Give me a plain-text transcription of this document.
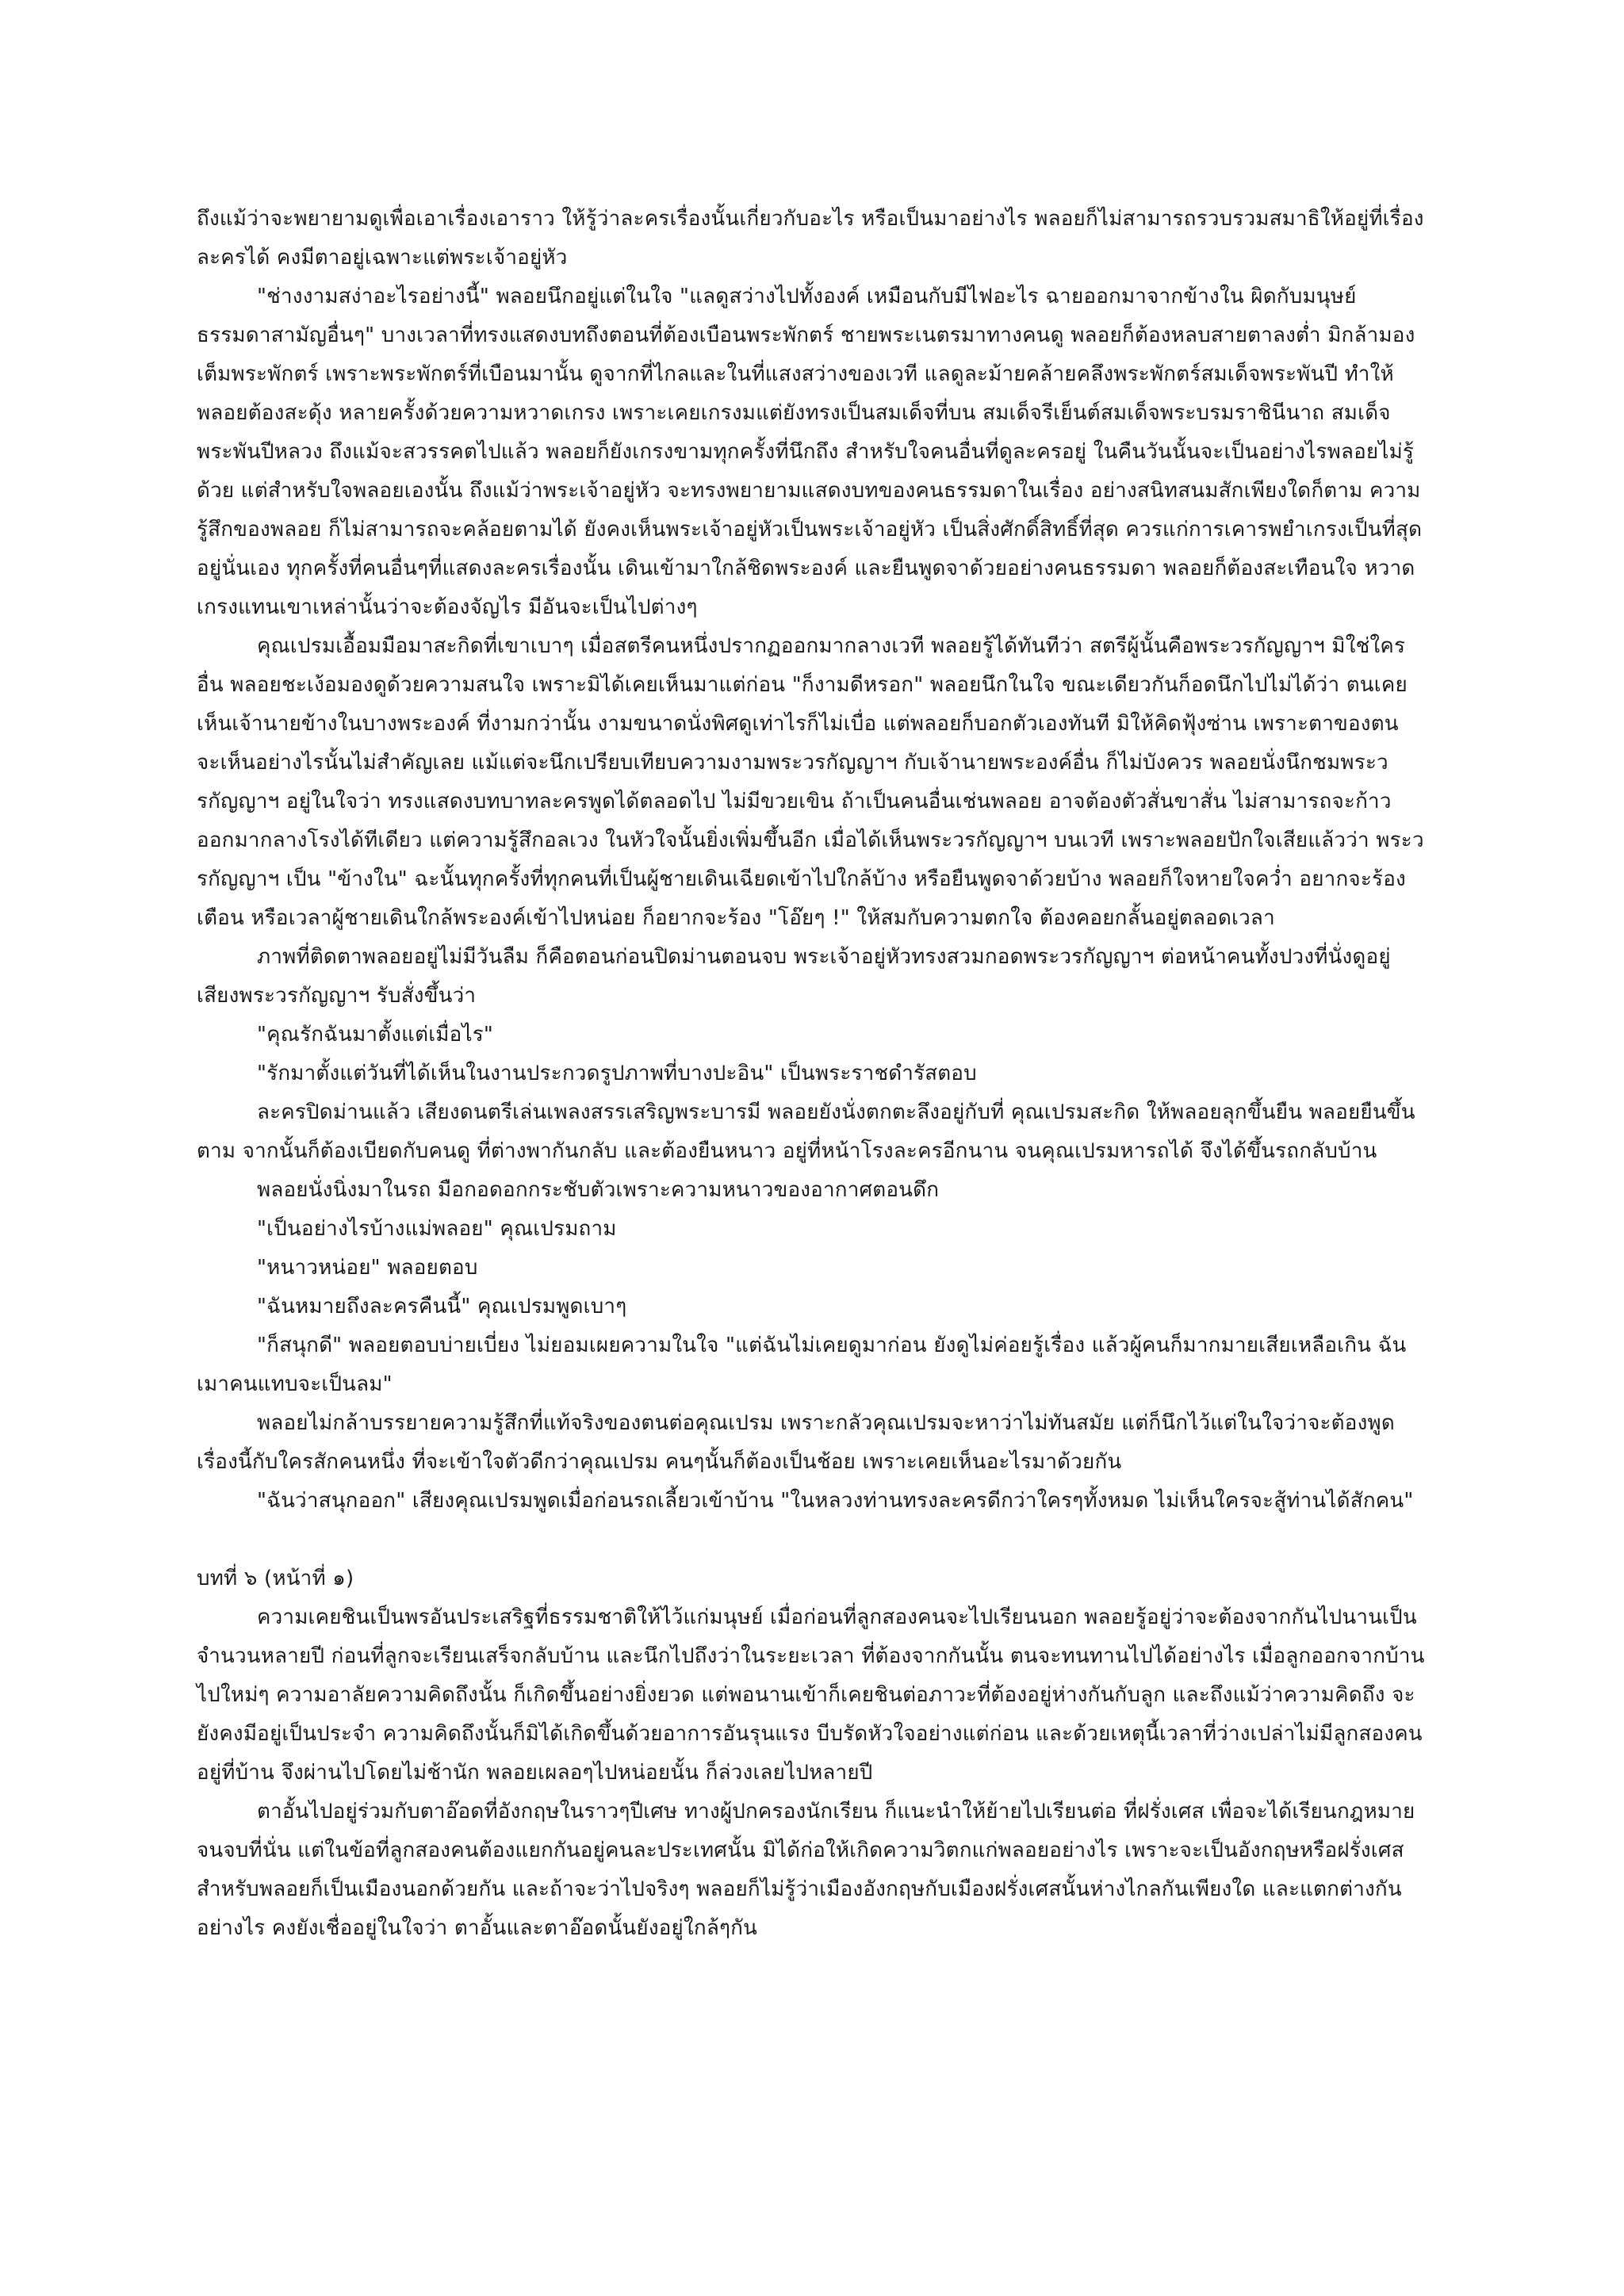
ถึงแม้ว่าจะพยายามดูเพื่อเอาเรื่องเอาราว ให้รู้ว่าละครเรื่องนั้นเกี่ยวกับอะไร หรือเป็นมาอย่างไร พลอยก็ไม่สามารถรวบรวมสมาธิให้อยู่ที่เรื่องละครได้ คงมีตาอยู่เฉพาะแต่พระเจ้าอยู่หัว

"ช่างงามสง่าอะไรอย่างนี้" พลอยนึกอยู่แต่ในใจ "แลดูสว่างไปทั้งองค์ เหมือนกับมีไฟอะไร ฉายออกมาจากข้างใน ผิดกับมนุษย์ธรรมดาสามัญอื่นๆ" บางเวลาที่ทรงแสดงบทถึงตอนที่ต้องเบือนพระพักตร์ ชายพระเนตรมาทางคนดู พลอยก็ต้องหลบสายตาลงต่ำ มิกล้ามองเต็มพระพักตร์ เพราะพระพักตร์ที่เบือนมานั้น ดูจากที่ไกลและในที่แสงสว่างของเวที แลดูละม้ายคล้ายคลึงพระพักตร์สมเด็จพระพันปี ทำให้พลอยต้องสะดุ้ง หลายครั้งด้วยความหวาดเกรง เพราะเคยเกรงมแต่ยังทรงเป็นสมเด็จที่บน สมเด็จรีเย็นต์สมเด็จพระบรมราชินีนาถ สมเด็จพระพันปีหลวง ถึงแม้จะสวรรคตไปแล้ว พลอยก็ยังเกรงขามทุกครั้งที่นึกถึง สำหรับใจคนอื่นที่ดูละครอยู่ ในคืนวันนั้นจะเป็นอย่างไรพลอยไม่รู้ด้วย แต่สำหรับใจพลอยเองนั้น ถึงแม้ว่าพระเจ้าอยู่หัว จะทรงพยายามแสดงบทของคนธรรมดาในเรื่อง อย่างสนิทสนมสักเพียงใดก็ตาม ความรู้สึกของพลอย ก็ไม่สามารถจะคล้อยตามได้ ยังคงเห็นพระเจ้าอยู่หัวเป็นพระเจ้าอยู่หัว เป็นสิ่งศักดิ์สิทธิ์ที่สุด ควรแก่การเคารพยำเกรงเป็นที่สุดอยู่นั่นเอง ทุกครั้งที่คนอื่นๆที่แสดงละครเรื่องนั้น เดินเข้ามาใกล้ชิดพระองค์ และยืนพูดจาด้วยอย่างคนธรรมดา พลอยก็ต้องสะเทือนใจ หวาดเกรงแทนเขาเหล่านั้นว่าจะต้องจัญไร มีอันจะเป็นไปต่างๆ

คุณเปรมเอื้อมมือมาสะกิดที่เขาเบาๆ เมื่อสตรีคนหนึ่งปรากฏออกมากลางเวที พลอยรู้ได้ทันทีว่า สตรีผู้นั้นคือพระวรกัญญาฯ มิใช่ใครอื่น พลอยชะเง้อมองดูด้วยความสนใจ เพราะมิได้เคยเห็นมาแต่ก่อน "ก็งามดีหรอก" พลอยนึกในใจ ขณะเดียวกันก็อดนึกไปไม่ได้ว่า ตนเคยเห็นเจ้านายข้างในบางพระองค์ ที่งามกว่านั้น งามขนาดนั่งพิศดูเท่าไรก็ไม่เบื่อ แต่พลอยก็บอกตัวเองทันที มิให้คิดฟุ้งซ่าน เพราะตาของตน จะเห็นอย่างไรนั้นไม่สำคัญเลย แม้แต่จะนึกเปรียบเทียบความงามพระวรกัญญาฯ กับเจ้านายพระองค์อื่น ก็ไม่บังควร พลอยนั่งนึกชมพระวรกัญญาฯ อยู่ในใจว่า ทรงแสดงบทบาทละครพูดได้ตลอดไป ไม่มีขวยเขิน ถ้าเป็นคนอื่นเช่นพลอย อาจต้องตัวสั่นขาสั่น ไม่สามารถจะก้าวออกมากลางโรงได้ทีเดียว แต่ความรู้สึกอลเวง ในหัวใจนั้นยิ่งเพิ่มขึ้นอีก เมื่อได้เห็นพระวรกัญญาฯ บนเวที เพราะพลอยปักใจเสียแล้วว่า พระวรกัญญาฯ เป็น "ข้างใน" ฉะนั้นทุกครั้งที่ทุกคนที่เป็นผู้ชายเดินเฉียดเข้าไปใกล้บ้าง หรือยืนพูดจาด้วยบ้าง พลอยก็ใจหายใจคว่ำ อยากจะร้องเตือน หรือเวลาผู้ชายเดินใกล้พระองค์เข้าไปหน่อย ก็อยากจะร้อง "โอ๊ยๆ !" ให้สมกับความตกใจ ต้องคอยกลั้นอยู่ตลอดเวลา

ภาพที่ติดตาพลอยอยู่ไม่มีวันลืม ก็คือตอนก่อนปิดม่านตอนจบ พระเจ้าอยู่หัวทรงสวมกอดพระวรกัญญาฯ ต่อหน้าคนทั้งปวงที่นั่งดูอยู่ เสียงพระวรกัญญาฯ รับสั่งขึ้นว่า

"คุณรักฉันมาตั้งแต่เมื่อไร"

"รักมาตั้งแต่วันที่ได้เห็นในงานประกวดรูปภาพที่บางปะอิน" เป็นพระราชดำรัสตอบ

ละครปิดม่านแล้ว เสียงดนตรีเล่นเพลงสรรเสริญพระบารมี พลอยยังนั่งตกตะลึงอยู่กับที่ คุณเปรมสะกิด ให้พลอยลุกขึ้นยืน พลอยยืนขึ้นตาม จากนั้นก็ต้องเบียดกับคนดู ที่ต่างพากันกลับ และต้องยืนหนาว อยู่ที่หน้าโรงละครอีกนาน จนคุณเปรมหารถได้ จึงได้ขึ้นรถกลับบ้าน

พลอยนั่งนิ่งมาในรถ มือกอดอกกระชับตัวเพราะความหนาวของอากาศตอนดึก

"เป็นอย่างไรบ้างแม่พลอย" คุณเปรมถาม

"หนาวหน่อย" พลอยตอบ

"ฉันหมายถึงละครคืนนี้" คุณเปรมพูดเบาๆ

"ก็สนุกดี" พลอยตอบบ่ายเบี่ยง ไม่ยอมเผยความในใจ "แต่ฉันไม่เคยดูมาก่อน ยังดูไม่ค่อยรู้เรื่อง แล้วผู้คนก็มากมายเสียเหลือเกิน ฉันเมาคนแทบจะเป็นลม"

พลอยไม่กล้าบรรยายความรู้สึกที่แท้จริงของตนต่อคุณเปรม เพราะกลัวคุณเปรมจะหาว่าไม่ทันสมัย แต่ก็นึกไว้แต่ในใจว่าจะต้องพูดเรื่องนี้กับใครสักคนหนึ่ง ที่จะเข้าใจตัวดีกว่าคุณเปรม คนๆนั้นก็ต้องเป็นช้อย เพราะเคยเห็นอะไรมาด้วยกัน

"ฉันว่าสนุกออก" เสียงคุณเปรมพูดเมื่อก่อนรถเลี้ยวเข้าบ้าน "ในหลวงท่านทรงละครดีกว่าใครๆทั้งหมด ไม่เห็นใครจะสู้ท่านได้สักคน"

บทที่ ๖ (หน้าที่ ๑)

ความเคยชินเป็นพรอันประเสริฐที่ธรรมชาติให้ไว้แก่มนุษย์ เมื่อก่อนที่ลูกสองคนจะไปเรียนนอก พลอยรู้อยู่ว่าจะต้องจากกันไปนานเป็นจำนวนหลายปี ก่อนที่ลูกจะเรียนเสร็จกลับบ้าน และนึกไปถึงว่าในระยะเวลา ที่ต้องจากกันนั้น ตนจะทนทานไปได้อย่างไร เมื่อลูกออกจากบ้านไปใหม่ๆ ความอาลัยความคิดถึงนั้น ก็เกิดขึ้นอย่างยิ่งยวด แต่พอนานเข้าก็เคยชินต่อภาวะที่ต้องอยู่ห่างกันกับลูก และถึงแม้ว่าความคิดถึง จะยังคงมีอยู่เป็นประจำ ความคิดถึงนั้นก็มิได้เกิดขึ้นด้วยอาการอันรุนแรง บีบรัดหัวใจอย่างแต่ก่อน และด้วยเหตุนี้เวลาที่ว่างเปล่าไม่มีลูกสองคนอยู่ที่บ้าน จึงผ่านไปโดยไม่ช้านัก พลอยเผลอๆไปหน่อยนั้น ก็ล่วงเลยไปหลายปี

ตาอั้นไปอยู่ร่วมกับตาอ๊อดที่อังกฤษในราวๆปีเศษ ทางผู้ปกครองนักเรียน ก็แนะนำให้ย้ายไปเรียนต่อ ที่ฝรั่งเศส เพื่อจะได้เรียนกฎหมายจนจบที่นั่น แต่ในข้อที่ลูกสองคนต้องแยกกันอยู่คนละประเทศนั้น มิได้ก่อให้เกิดความวิตกแก่พลอยอย่างไร เพราะจะเป็นอังกฤษหรือฝรั่งเศส สำหรับพลอยก็เป็นเมืองนอกด้วยกัน และถ้าจะว่าไปจริงๆ พลอยก็ไม่รู้ว่าเมืองอังกฤษกับเมืองฝรั่งเศสนั้นห่างไกลกันเพียงใด และแตกต่างกันอย่างไร คงยังเชื่ออยู่ในใจว่า ตาอั้นและตาอ๊อดนั้นยังอยู่ใกล้ๆกัน
